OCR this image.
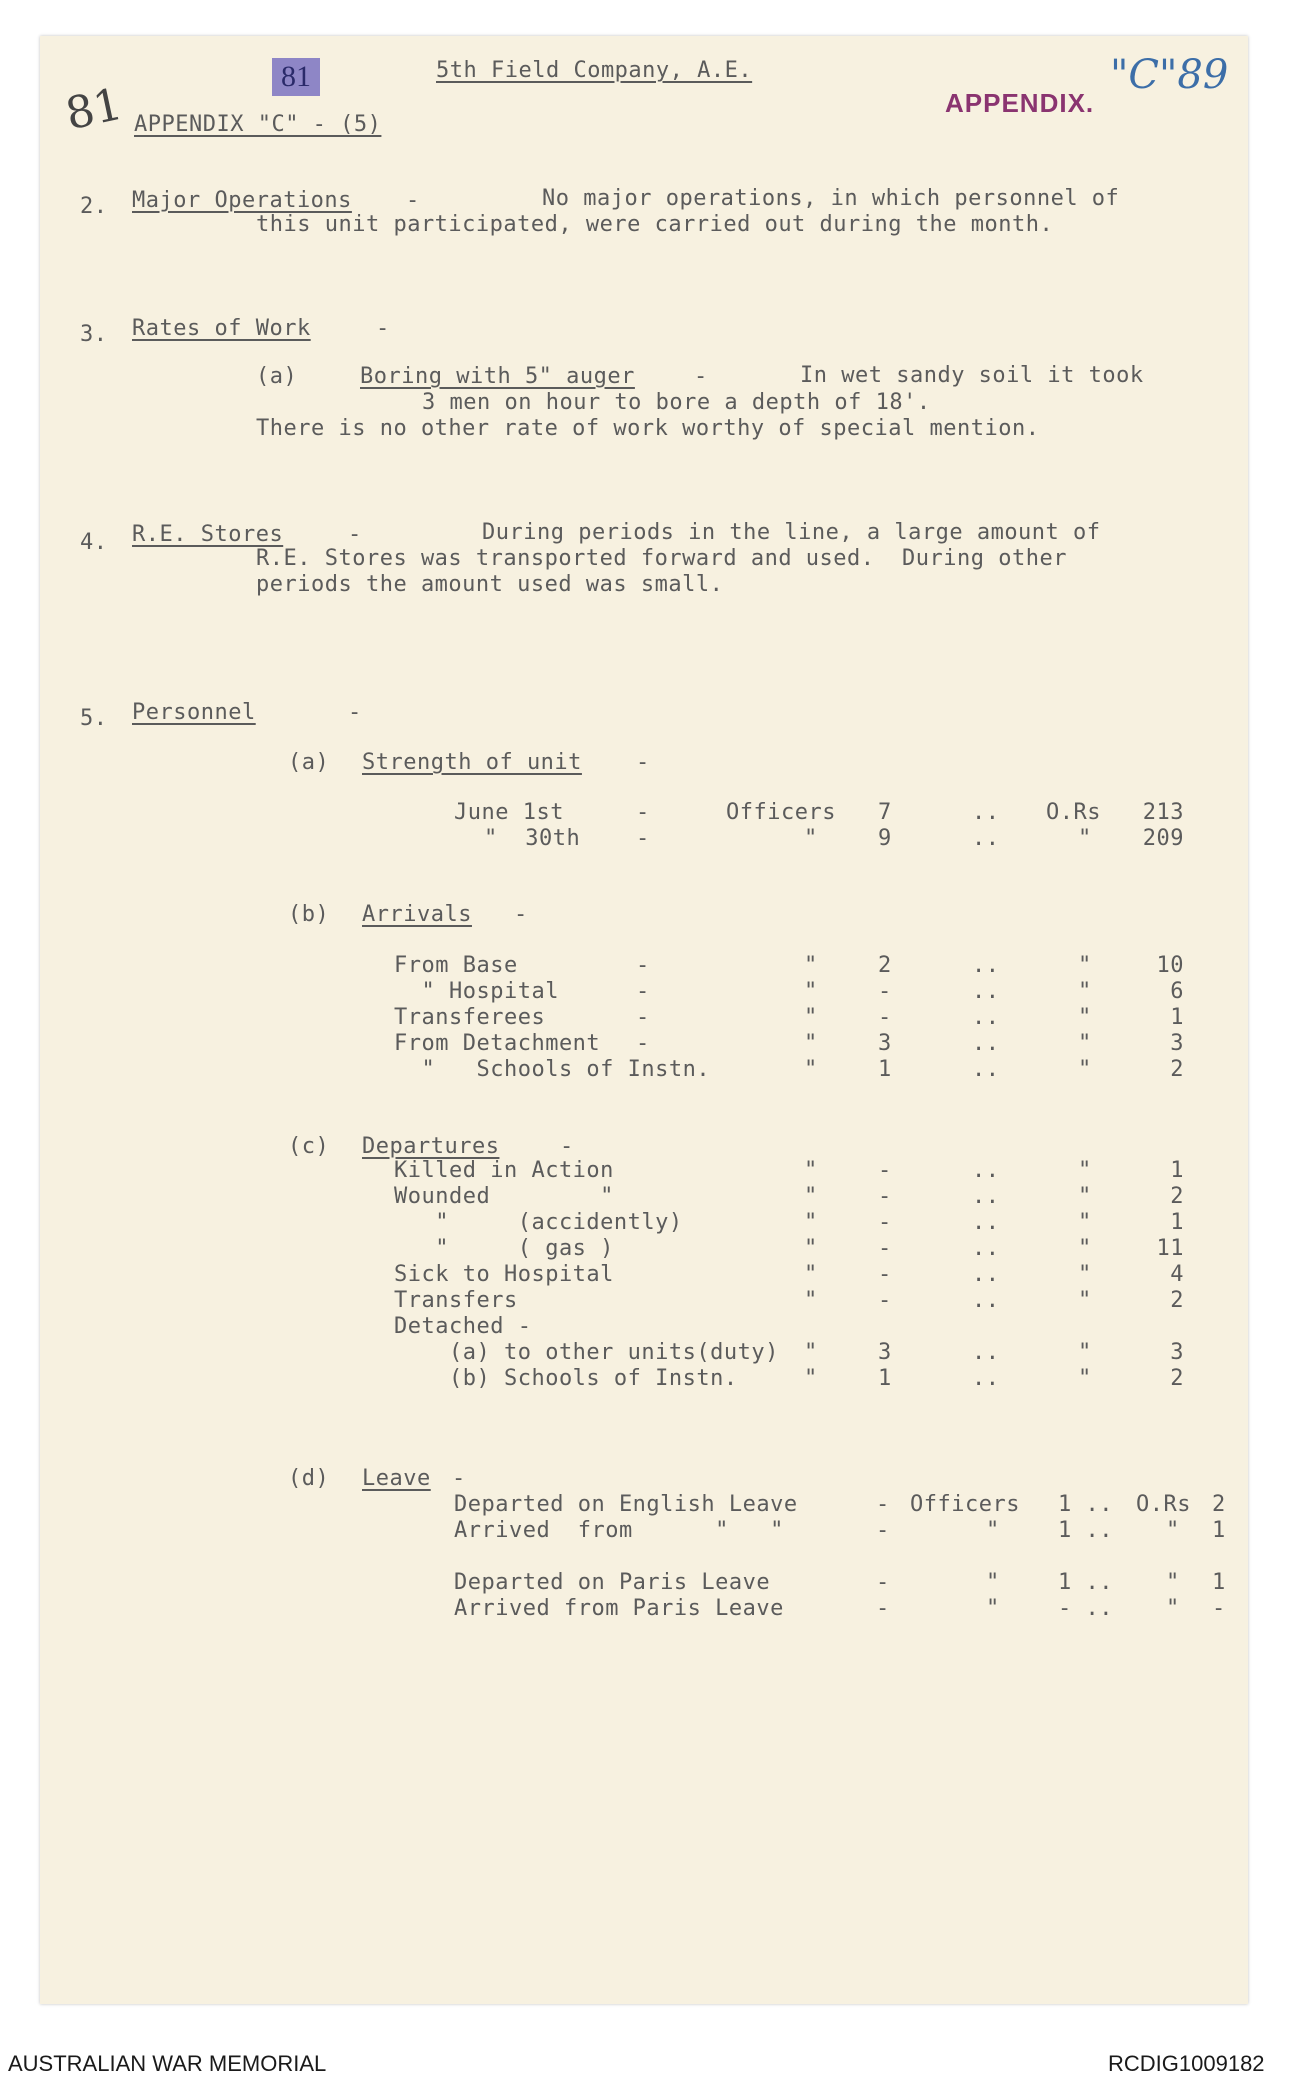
81	5th Field Company, A.E.
81 APPENDIX "C" - (5)
APPENDIX.
"C"89
2. Major Operations -	No major operations, in which personnel of
this unit participated, were carried out during the month.
3. Rates of Work	-
(a)	Boring with 5" auger	-	In wet sandy soil it took
3 men on hour to bore a depth of 18'.
There is no other rate of work worthy of special mention.
4. R.E. Stores	-	During periods in the line, a large amount of
R.E. Stores was transported forward and used.  During other
periods the amount used was small.
5. Personnel	-
(a) Strength of unit -
June 1st	-	Officers 7	.. O.Rs	213
"  30th	-	"	9	..	"	209
(b) Arrivals -
From Base	-	"	2	..	"	10
" Hospital	-	"	-	..	"	6
Transferees	-	"	-	..	"	1
From Detachment -	"	3	..	"	3
"   Schools of Instn.	"	1	..	"	2
(c) Departures	-
Killed in Action	"	-	..	"	1
Wounded        "	"	-	..	"	2
"     (accidently)	"	-	..	"	1
"     ( gas )	"	-	..	"	11
Sick to Hospital	"	-	..	"	4
Transfers	"	-	..	"	2
Detached -
(a) to other units(duty) "	3	..	"	3
(b) Schools of Instn.	"	1	..	"	2
(d) Leave -
Departed on English Leave	- Officers 1 .. O.Rs 2
Arrived  from      "   "	-	"	1 .. " 1
Departed on Paris Leave	-	"	1 .. " 1
Arrived from Paris Leave	-	"	- .. " -
AUSTRALIAN WAR MEMORIAL	RCDIG1009182
